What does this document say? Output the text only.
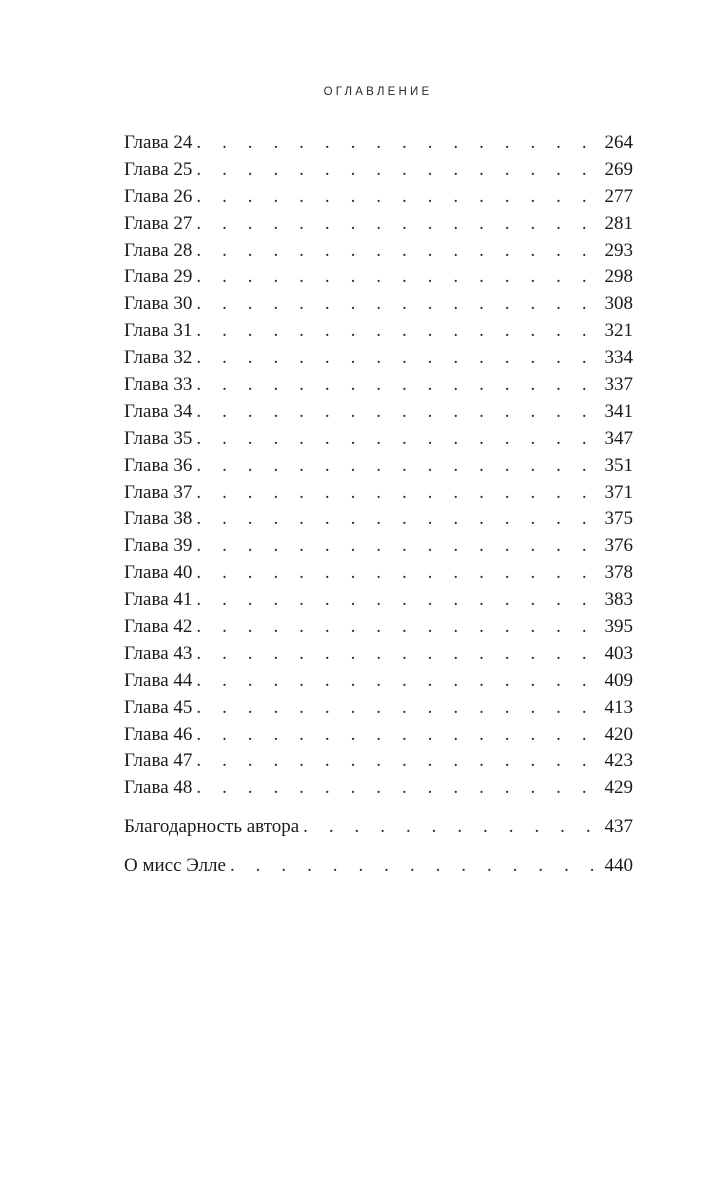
ОГЛАВЛЕНИЕ
Глава 24 . . .	264
Глава 25 . . .	269
Глава 26 . . .	277
Глава 27 . . .	281
Глава 28 . . .	293
Глава 29 . . .	298
Глава 30 . . .	308
Глава 31 . . .	321
Глава 32 . . .	334
Глава 33 . . .	337
Глава 34 . . .	341
Глава 35 . . .	347
Глава 36 . . .	351
Глава 37 . . .	371
Глава 38 . . .	375
Глава 39 . . .	376
Глава 40 . . .	378
Глава 41 . . .	383
Глава 42 . . .	395
Глава 43 . . .	403
Глава 44 . . .	409
Глава 45 . . .	413
Глава 46 . . .	420
Глава 47 . . .	423
Глава 48 . . .	429
Благодарность автора . . .	437
О мисс Элле . . .	440
